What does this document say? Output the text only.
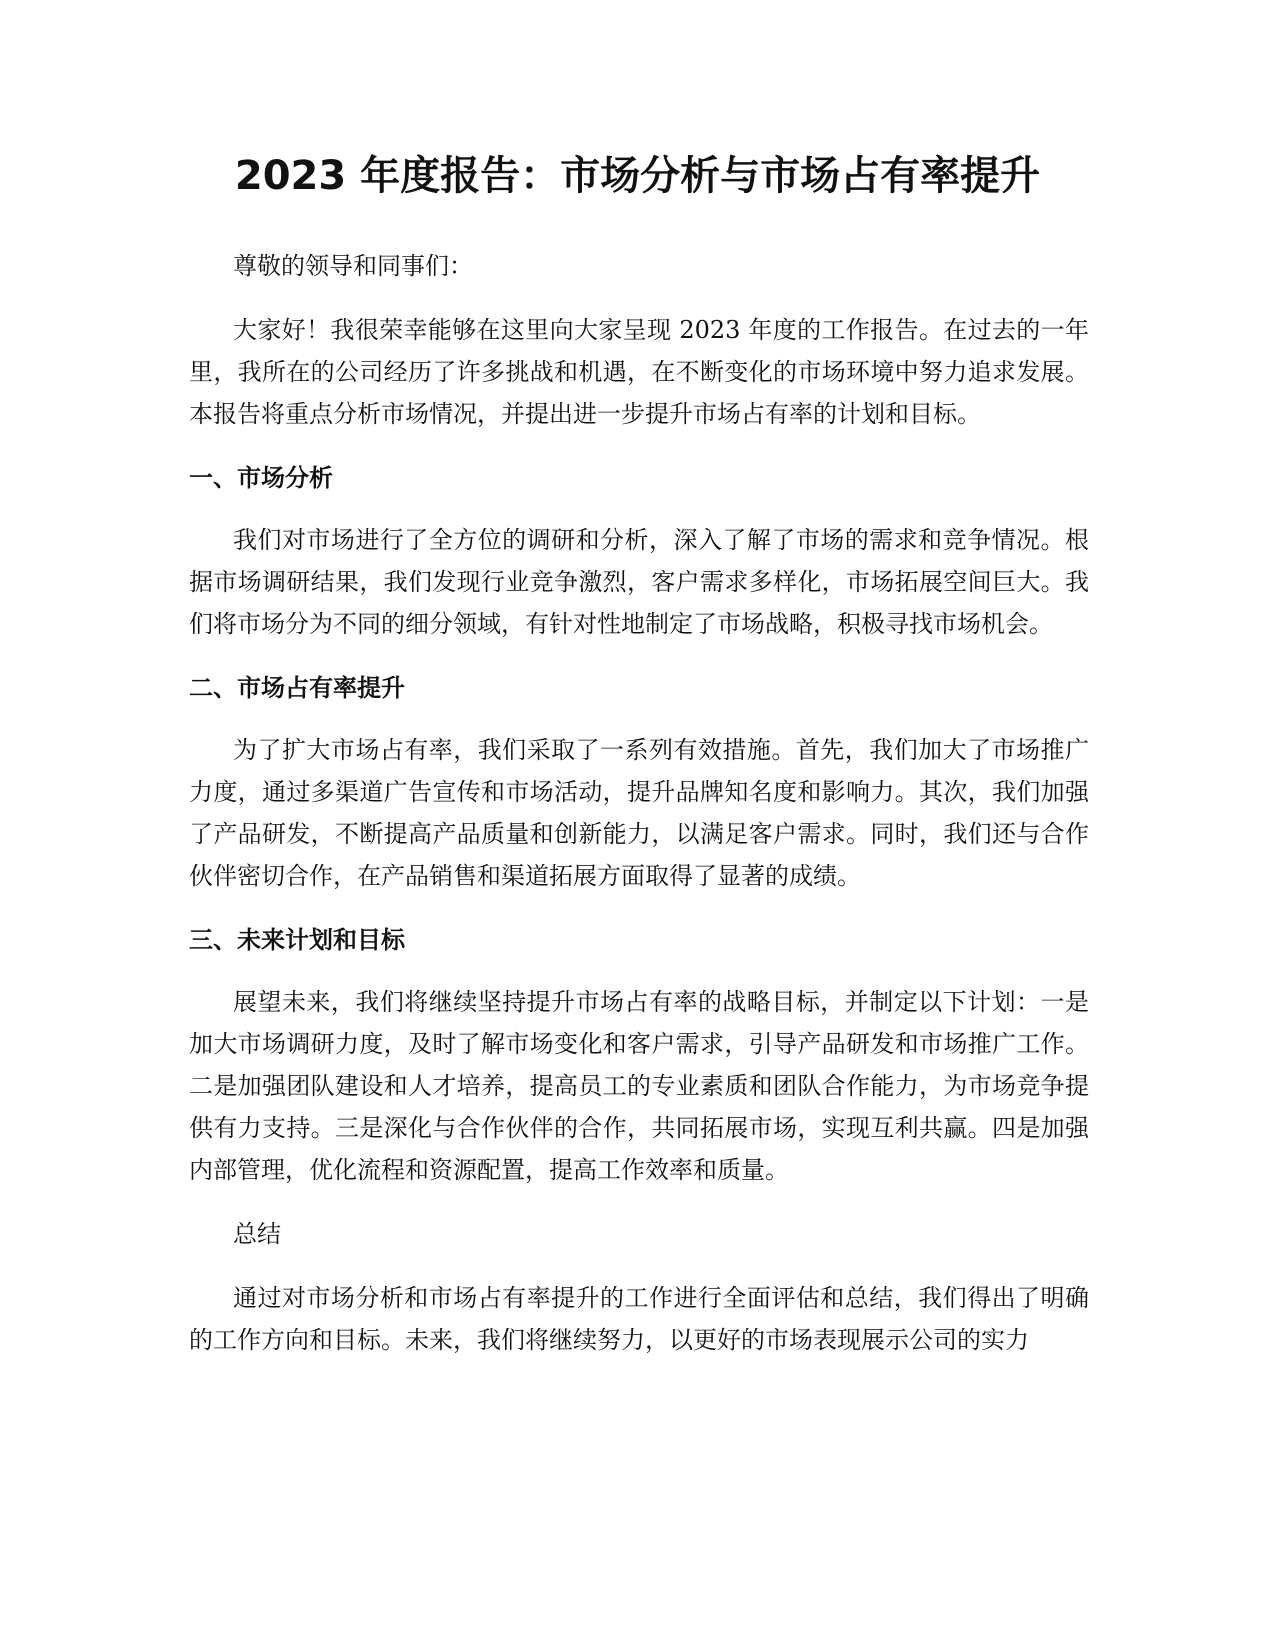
2023 年度报告：市场分析与市场占有率提升

尊敬的领导和同事们：

大家好！我很荣幸能够在这里向大家呈现 2023 年度的工作报告。在过去的一年里，我所在的公司经历了许多挑战和机遇，在不断变化的市场环境中努力追求发展。本报告将重点分析市场情况，并提出进一步提升市场占有率的计划和目标。

一、市场分析

我们对市场进行了全方位的调研和分析，深入了解了市场的需求和竞争情况。根据市场调研结果，我们发现行业竞争激烈，客户需求多样化，市场拓展空间巨大。我们将市场分为不同的细分领域，有针对性地制定了市场战略，积极寻找市场机会。

二、市场占有率提升

为了扩大市场占有率，我们采取了一系列有效措施。首先，我们加大了市场推广力度，通过多渠道广告宣传和市场活动，提升品牌知名度和影响力。其次，我们加强了产品研发，不断提高产品质量和创新能力，以满足客户需求。同时，我们还与合作伙伴密切合作，在产品销售和渠道拓展方面取得了显著的成绩。

三、未来计划和目标

展望未来，我们将继续坚持提升市场占有率的战略目标，并制定以下计划：一是加大市场调研力度，及时了解市场变化和客户需求，引导产品研发和市场推广工作。二是加强团队建设和人才培养，提高员工的专业素质和团队合作能力，为市场竞争提供有力支持。三是深化与合作伙伴的合作，共同拓展市场，实现互利共赢。四是加强内部管理，优化流程和资源配置，提高工作效率和质量。

总结

通过对市场分析和市场占有率提升的工作进行全面评估和总结，我们得出了明确的工作方向和目标。未来，我们将继续努力，以更好的市场表现展示公司的实力
